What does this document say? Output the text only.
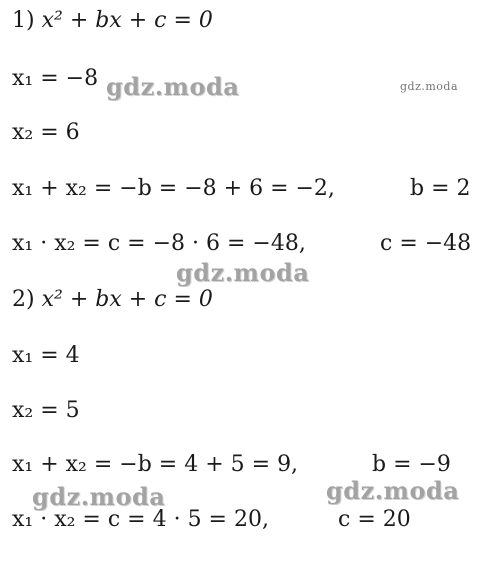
1) x² + bx + c = 0
x₁ = −8
x₂ = 6
x₁ + x₂ = −b = −8 + 6 = −2,	b = 2
x₁ · x₂ = c = −8 · 6 = −48,	c = −48
2) x² + bx + c = 0
x₁ = 4
x₂ = 5
x₁ + x₂ = −b = 4 + 5 = 9,	b = −9
x₁ · x₂ = c = 4 · 5 = 20,	c = 20
gdz.moda	gdz.moda
gdz.moda
gdz.moda	gdz.moda
